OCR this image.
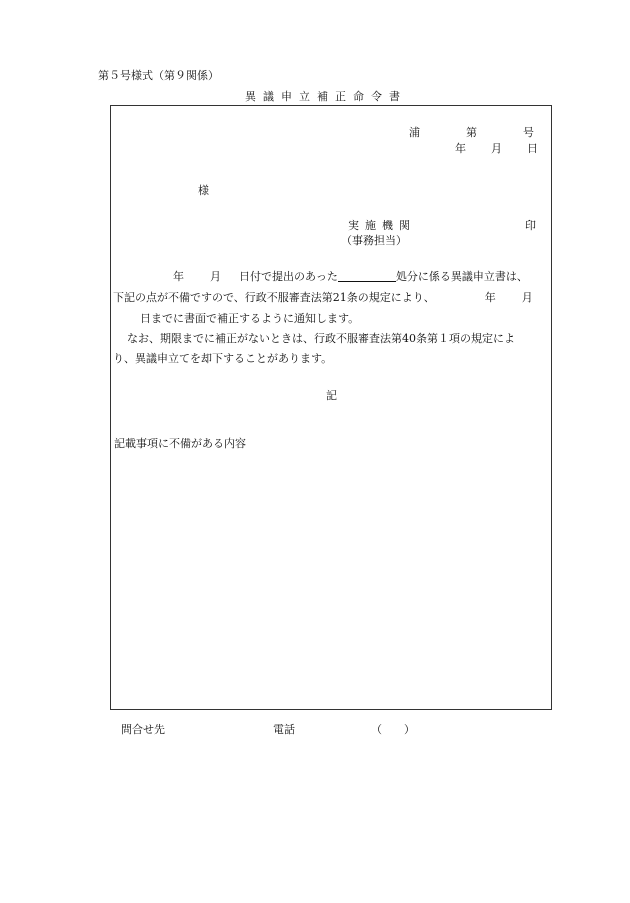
第５号様式（第９関係）
異議申立補正命令書
浦	第	号
年 月 日
様
実施機関	印
（事務担当）
年 月 日付で提出のあった	処分に係る異議申立書は、
下記の点が不備ですので、行政不服審査法第21条の規定により、	年 月
日までに書面で補正するように通知します。
なお、期限までに補正がないときは、行政不服審査法第40条第１項の規定によ
り、異議申立てを却下することがあります。
記
記載事項に不備がある内容
問合せ先	電話	（　　）
